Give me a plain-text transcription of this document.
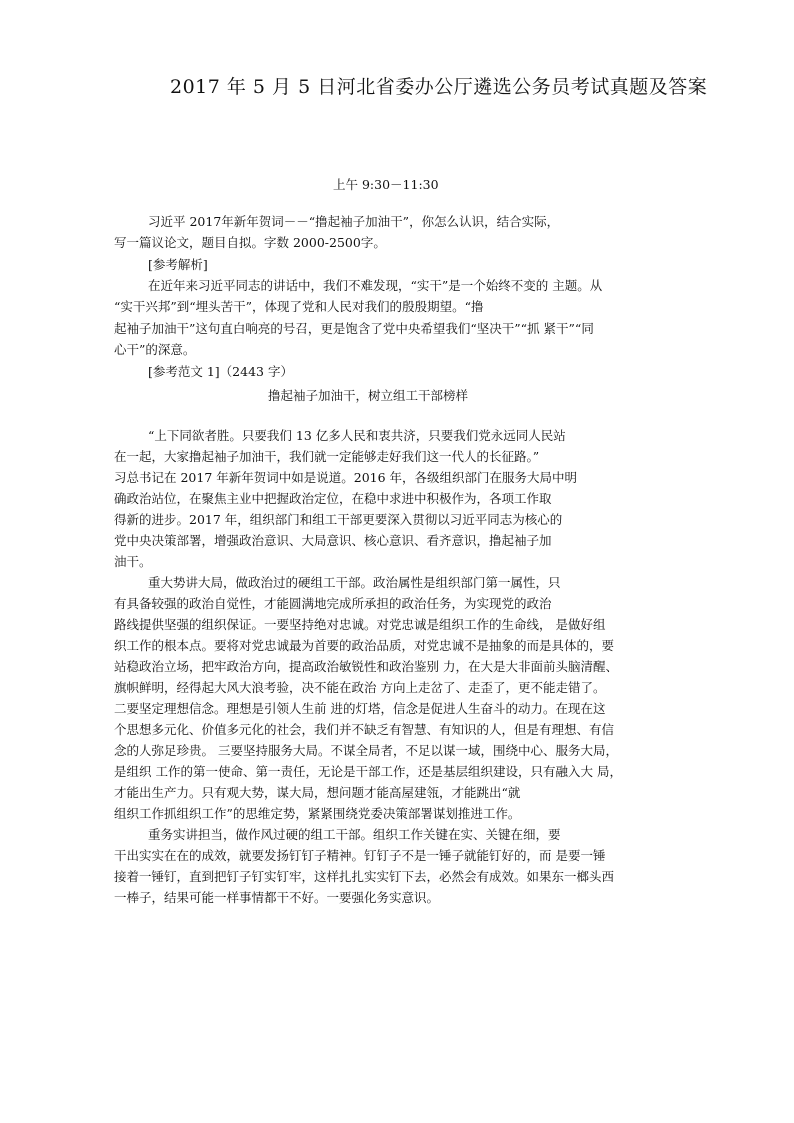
2017 年 5 月 5 日河北省委办公厅遴选公务员考试真题及答案
上午 9:30－11:30
习近平 2017年新年贺词－－“撸起袖子加油干”，你怎么认识，结合实际，
写一篇议论文，题目自拟。字数 2000-2500字。
[参考解析]
在近年来习近平同志的讲话中，我们不难发现，“实干”是一个始终不变的 主题。从
“实干兴邦”到“埋头苦干”，体现了党和人民对我们的殷殷期望。“撸
起袖子加油干”这句直白响亮的号召，更是饱含了党中央希望我们“坚决干”“抓 紧干”“同
心干”的深意。
[参考范文 1]（2443 字）
撸起袖子加油干，树立组工干部榜样
“上下同欲者胜。只要我们 13 亿多人民和衷共济，只要我们党永远同人民站
在一起，大家撸起袖子加油干，我们就一定能够走好我们这一代人的长征路。”
习总书记在 2017 年新年贺词中如是说道。2016 年，各级组织部门在服务大局中明
确政治站位，在聚焦主业中把握政治定位，在稳中求进中积极作为，各项工作取
得新的进步。2017 年，组织部门和组工干部更要深入贯彻以习近平同志为核心的
党中央决策部署，增强政治意识、大局意识、核心意识、看齐意识，撸起袖子加
油干。
重大势讲大局，做政治过的硬组工干部。政治属性是组织部门第一属性，只
有具备较强的政治自觉性，才能圆满地完成所承担的政治任务，为实现党的政治
路线提供坚强的组织保证。一要坚持绝对忠诚。对党忠诚是组织工作的生命线， 是做好组
织工作的根本点。要将对党忠诚最为首要的政治品质，对党忠诚不是抽象的而是具体的，要
站稳政治立场，把牢政治方向，提高政治敏锐性和政治鉴别 力，在大是大非面前头脑清醒、
旗帜鲜明，经得起大风大浪考验，决不能在政治 方向上走岔了、走歪了，更不能走错了。
二要坚定理想信念。理想是引领人生前 进的灯塔，信念是促进人生奋斗的动力。在现在这
个思想多元化、价值多元化的社会，我们并不缺乏有智慧、有知识的人，但是有理想、有信
念的人弥足珍贵。 三要坚持服务大局。不谋全局者，不足以谋一域，围绕中心、服务大局，
是组织 工作的第一使命、第一责任，无论是干部工作，还是基层组织建设，只有融入大 局，
才能出生产力。只有观大势，谋大局，想问题才能高屋建瓴，才能跳出“就
组织工作抓组织工作”的思维定势，紧紧围绕党委决策部署谋划推进工作。
重务实讲担当，做作风过硬的组工干部。组织工作关键在实、关键在细，要
干出实实在在的成效，就要发扬钉钉子精神。钉钉子不是一锤子就能钉好的，而 是要一锤
接着一锤钉，直到把钉子钉实钉牢，这样扎扎实实钉下去，必然会有成效。如果东一榔头西
一棒子，结果可能一样事情都干不好。一要强化务实意识。
